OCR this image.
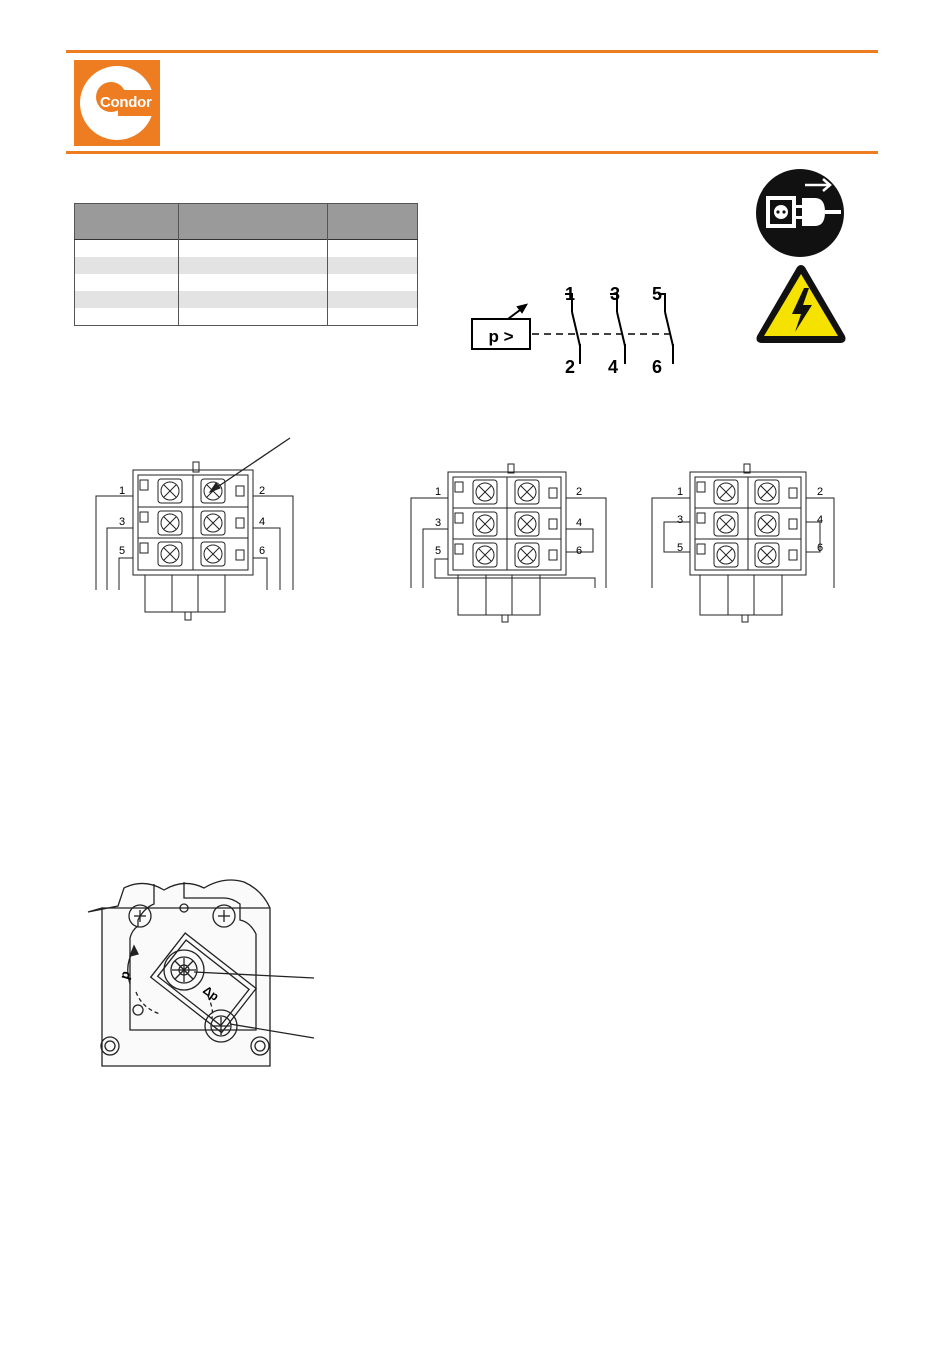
Condor

p >
1 3 5
2 4 6
1
3
5
2
4
6
1
3
5
2
4
6
1
3
5
2
4
6
p
Δp
